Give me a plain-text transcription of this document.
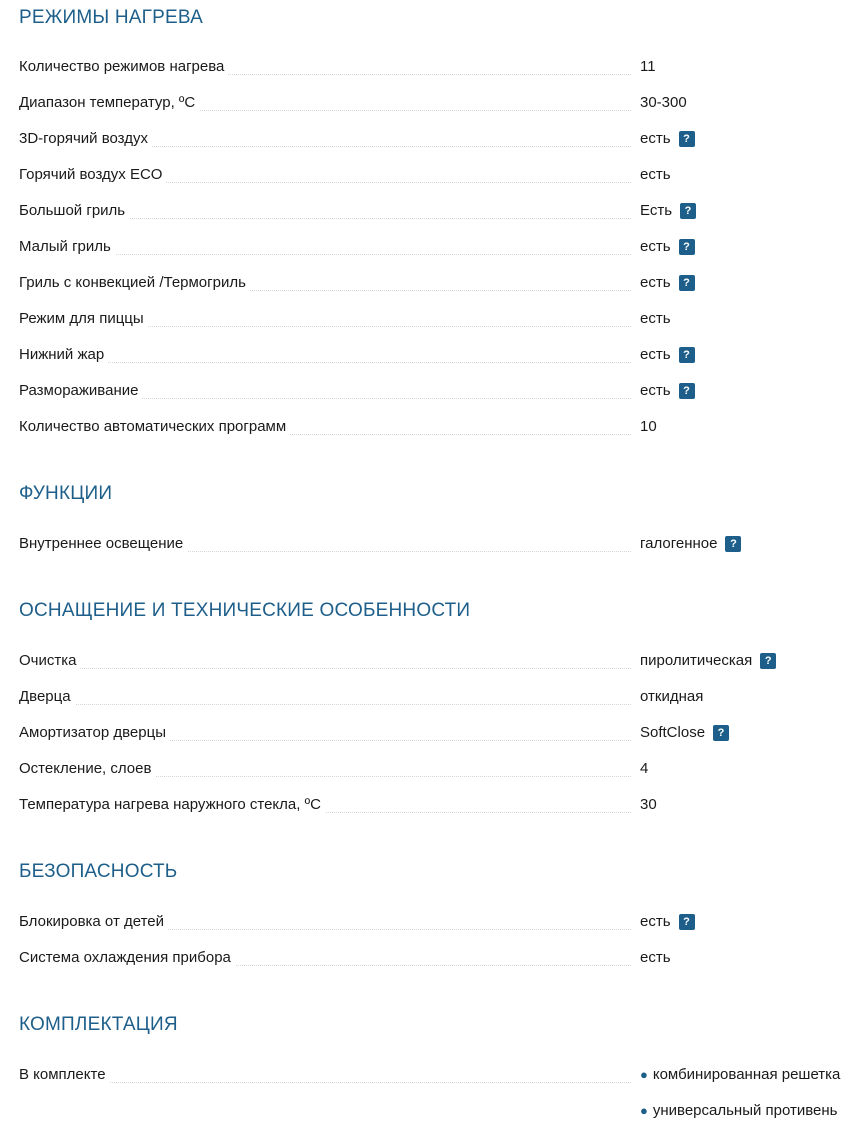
РЕЖИМЫ НАГРЕВА
Количество режимов нагрева	11
Диапазон температур, ºС	30-300
3D-горячий воздух	есть	?
Горячий воздух ECO	есть
Большой гриль	Есть	?
Малый гриль	есть	?
Гриль с конвекцией /Термогриль	есть	?
Режим для пиццы	есть
Нижний жар	есть	?
Размораживание	есть	?
Количество автоматических программ	10
ФУНКЦИИ
Внутреннее освещение	галогенное	?
ОСНАЩЕНИЕ И ТЕХНИЧЕСКИЕ ОСОБЕННОСТИ
Очистка	пиролитическая	?
Дверца	откидная
Амортизатор дверцы	SoftClose	?
Остекление, слоев	4
Температура нагрева наружного стекла, ºС	30
БЕЗОПАСНОСТЬ
Блокировка от детей	есть	?
Система охлаждения прибора	есть
КОМПЛЕКТАЦИЯ
В комплекте	● комбинированная решетка
● универсальный противень
